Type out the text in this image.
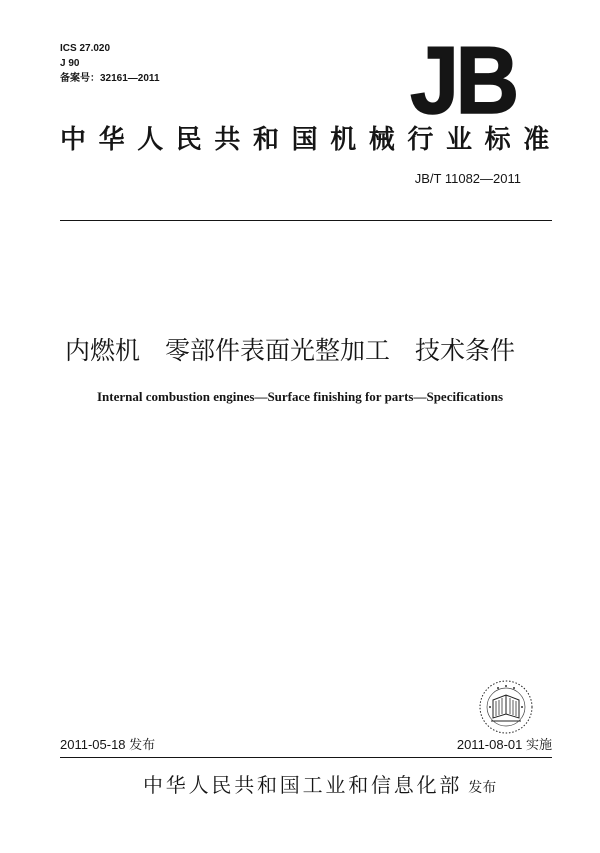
ICS 27.020
J 90
备案号：32161—2011	JB
中华人民共和国机械行业标准
JB/T 11082—2011
内燃机　零部件表面光整加工　技术条件
Internal combustion engines—Surface finishing for parts—Specifications
2011-05-18 发布	2011-08-01 实施
中华人民共和国工业和信息化部 发布
